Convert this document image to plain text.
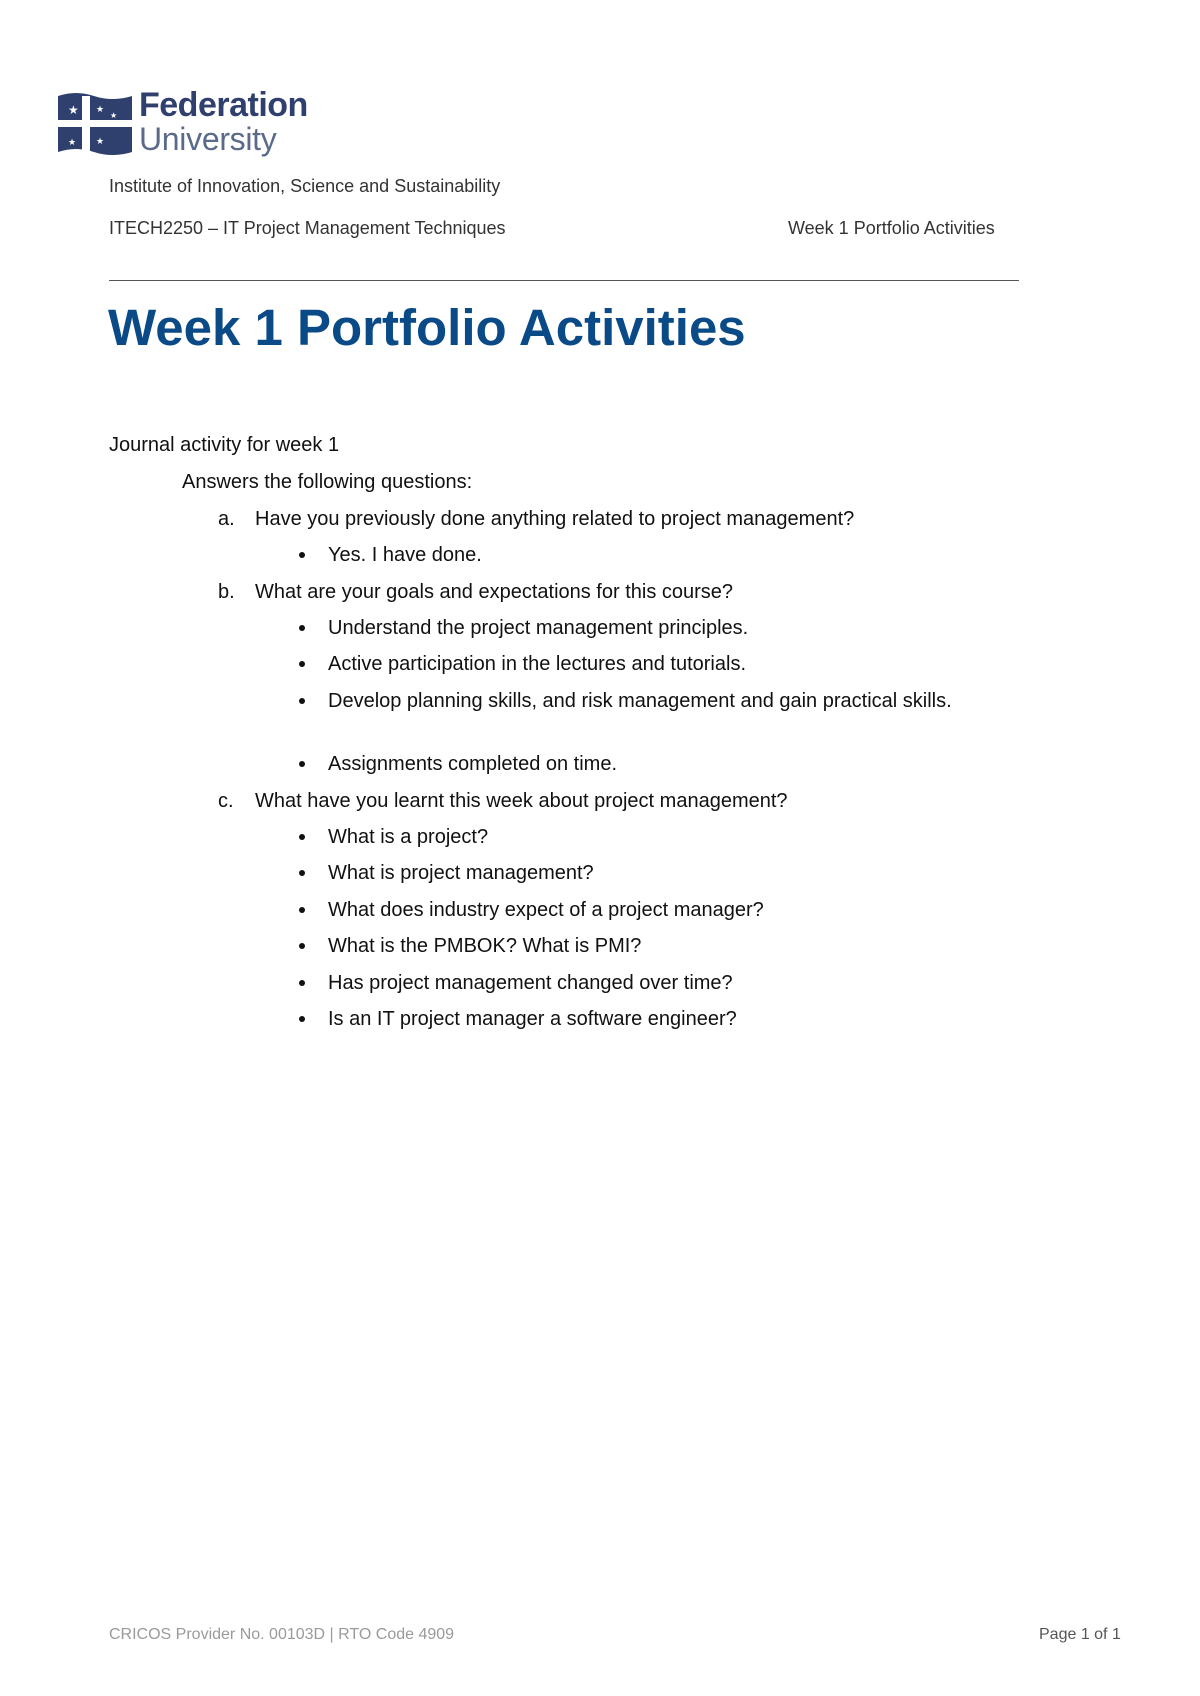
★ ★
★
★
★
Federation
University
Institute of Innovation, Science and Sustainability
ITECH2250 – IT Project Management Techniques	Week 1 Portfolio Activities
Week 1 Portfolio Activities
Journal activity for week 1
Answers the following questions:
a. Have you previously done anything related to project management?
Yes. I have done.
b. What are your goals and expectations for this course?
Understand the project management principles.
Active participation in the lectures and tutorials.
Develop planning skills, and risk management and gain practical skills.
Assignments completed on time.
c. What have you learnt this week about project management?
What is a project?
What is project management?
What does industry expect of a project manager?
What is the PMBOK? What is PMI?
Has project management changed over time?
Is an IT project manager a software engineer?
CRICOS Provider No. 00103D | RTO Code 4909	Page 1 of 1
